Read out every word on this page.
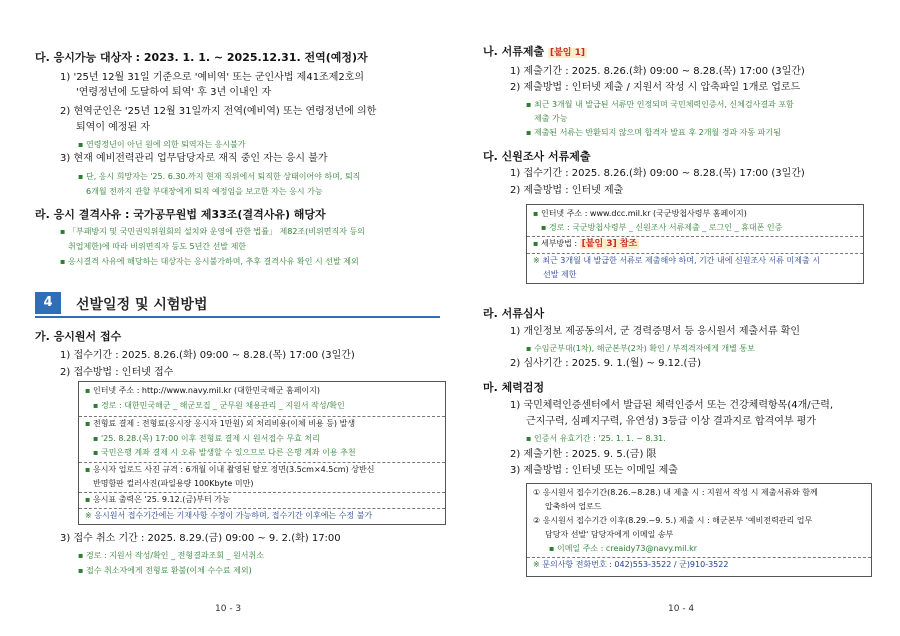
다. 응시가능 대상자 : 2023. 1. 1. ~ 2025.12.31. 전역(예정)자
1) '25년 12월 31일 기준으로 '예비역' 또는 군인사법 제41조제2호의
'연령정년에 도달하여 퇴역' 후 3년 이내인 자
2) 현역군인은 '25년 12월 31일까지 전역(예비역) 또는 연령정년에 의한
퇴역이 예정된 자
▪ 연령정년이 아닌 원에 의한 퇴역자는 응시불가
3) 현재 예비전력관리 업무담당자로 재직 중인 자는 응시 불가
▪ 단, 응시 희망자는 '25. 6.30.까지 현재 직위에서 퇴직한 상태이어야 하며, 퇴직
6개월 전까지 관할 부대장에게 퇴직 예정임을 보고한 자는 응시 가능
라. 응시 결격사유 : 국가공무원법 제33조(결격사유) 해당자
▪ 「부패방지 및 국민권익위원회의 설치와 운영에 관한 법률」 제82조(비위면직자 등의
취업제한)에 따라 비위면직자 등도 5년간 선발 제한
▪ 응시결격 사유에 해당하는 대상자는 응시불가하며, 추후 결격사유 확인 시 선발 제외
4	선발일정 및 시험방법
가. 응시원서 접수
1) 접수기간 : 2025. 8.26.(화) 09:00 ~ 8.28.(목) 17:00 (3일간)
2) 접수방법 : 인터넷 접수
▪ 인터넷 주소 : http://www.navy.mil.kr (대한민국해군 홈페이지)
▪ 경로 : 대한민국해군 _ 해군모집 _ 군무원 채용관리 _ 지원서 작성/확인
▪ 전형료 결제 : 전형료(응시장 응시자 1만원) 외 처리비용(이체 비용 등) 발생
▪ '25. 8.28.(목) 17:00 이후 전형료 결제 시 원서접수 무효 처리
▪ 국민은행 계좌 결제 시 오류 발생할 수 있으므로 다른 은행 계좌 이용 추천
▪ 응시자 업로드 사진 규격 : 6개월 이내 촬영된 탈모 정면(3.5cm×4.5cm) 상반신
반명함판 컬러사진(파일용량 100Kbyte 미만)
▪ 응시표 출력은 '25. 9.12.(금)부터 가능
※ 응시원서 접수기간에는 기재사항 수정이 가능하며, 접수기간 이후에는 수정 불가
3) 접수 취소 기간 : 2025. 8.29.(금) 09:00 ~ 9. 2.(화) 17:00
▪ 경로 : 지원서 작성/확인 _ 전형결과조회 _ 원서취소
▪ 접수 취소자에게 전형료 환불(이체 수수료 제외)
10 - 3
나. 서류제출 [붙임 1]
1) 제출기간 : 2025. 8.26.(화) 09:00 ~ 8.28.(목) 17:00 (3일간)
2) 제출방법 : 인터넷 제출 / 지원서 작성 시 압축파일 1개로 업로드
▪ 최근 3개월 내 발급된 서류만 인정되며 국민체력인증서, 신체검사결과 포함
제출 가능
▪ 제출된 서류는 반환되지 않으며 합격자 발표 후 2개월 경과 자동 파기됨
다. 신원조사 서류제출
1) 접수기간 : 2025. 8.26.(화) 09:00 ~ 8.28.(목) 17:00 (3일간)
2) 제출방법 : 인터넷 제출
▪ 인터넷 주소 : www.dcc.mil.kr (국군방첩사령부 홈페이지)
▪ 경로 : 국군방첩사령부 _ 신원조사 서류제출 _ 로그인 _ 휴대폰 인증
▪ 세부방법 : [붙임 3] 참조
※ 최근 3개월 내 발급한 서류로 제출해야 하며, 기간 내에 신원조사 서류 미제출 시
선발 제한
라. 서류심사
1) 개인정보 제공동의서, 군 경력증명서 등 응시원서 제출서류 확인
▪ 수임군부대(1차), 해군본부(2차) 확인 / 부적격자에게 개별 통보
2) 심사기간 : 2025. 9. 1.(월) ~ 9.12.(금)
마. 체력검정
1) 국민체력인증센터에서 발급된 체력인증서 또는 건강체력항목(4개/근력,
근지구력, 심폐지구력, 유연성) 3등급 이상 결과지로 합격여부 평가
▪ 인증서 유효기간 : '25. 1. 1. ~ 8.31.
2) 제출기한 : 2025. 9. 5.(금) 限
3) 제출방법 : 인터넷 또는 이메일 제출
① 응시원서 접수기간(8.26.~8.28.) 내 제출 시 : 지원서 작성 시 제출서류와 함께
압축하여 업로드
② 응시원서 접수기간 이후(8.29.~9. 5.) 제출 시 : 해군본부 '예비전력관리 업무
담당자 선발' 담당자에게 이메일 송부
▪ 이메일 주소 : creaidy73@navy.mil.kr
※ 문의사항 전화번호 : 042)553-3522 / 군)910-3522
10 - 4
